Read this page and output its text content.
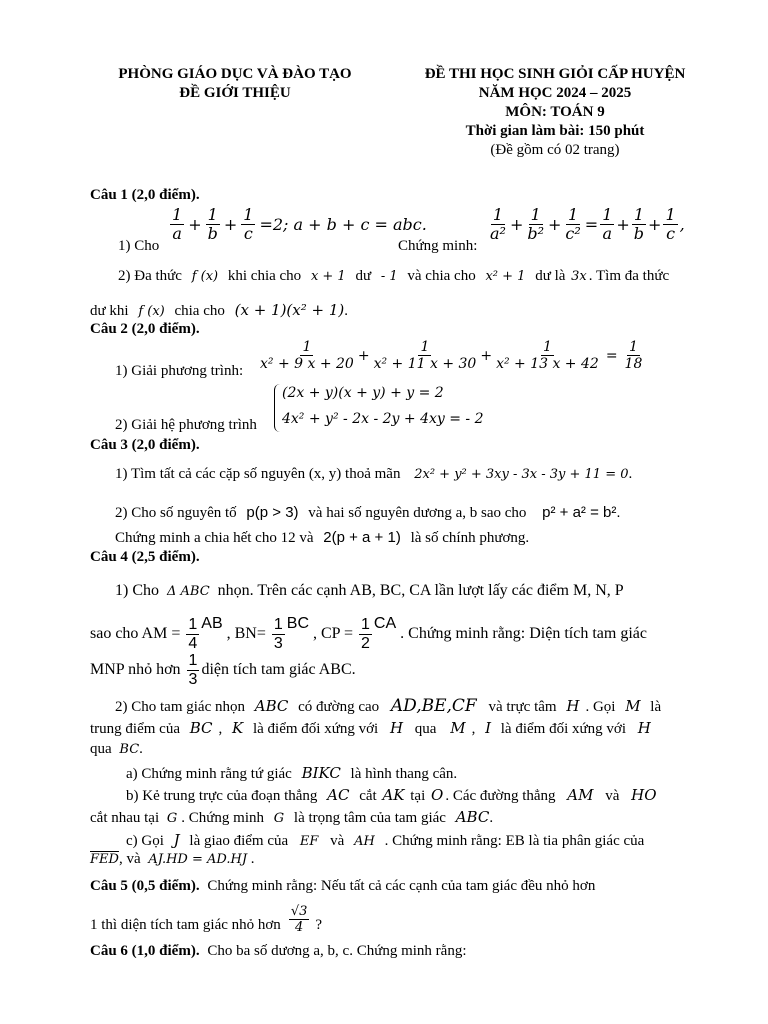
PHÒNG GIÁO DỤC VÀ ĐÀO TẠO
ĐỀ GIỚI THIỆU
ĐỀ THI HỌC SINH GIỎI CẤP HUYỆN
NĂM HỌC 2024 – 2025
MÔN: TOÁN 9
Thời gian làm bài: 150 phút
(Đề gồm có 02 trang)
Câu 1 (2,0 điểm).
1) Cho
$\frac{1}{a} + \frac{1}{b} + \frac{1}{c} =2$; a + b + c = abc.
Chứng minh:
$\frac{1}{\text{a²}} + \frac{1}{\text{b²}} + \frac{1}{\text{c²}} = \frac{1}{a} + \frac{1}{b} + \frac{1}{c}$ ,
2) Đa thức f (x) khi chia cho x + 1 dư - 1 và chia cho x² + 1 dư là 3x . Tìm đa thức
dư khi f (x) chia cho (x + 1)(x² + 1).
Câu 2 (2,0 điểm).
1) Giải phương trình: $\frac{1}{\text{x² + 9 x + 20}} + \frac{1}{\text{x² + 11 x + 30}} + \frac{1}{\text{x² + 13 x + 42}} = \frac{1}{18}$
2) Giải hệ phương trình
(2x + y)(x + y) + y = 2
4x² + y² - 2x - 2y + 4xy = - 2
Câu 3 (2,0 điểm).
1) Tìm tất cả các cặp số nguyên (x, y) thoả mãn 2x² + y² + 3xy - 3x - 3y + 11 = 0.
2) Cho số nguyên tố p(p > 3) và hai số nguyên dương a, b sao cho p² + a² = b².
Chứng minh a chia hết cho 12 và 2(p + a + 1) là số chính phương.
Câu 4 (2,5 điểm).
1) Cho Δ ABC nhọn. Trên các cạnh AB, BC, CA lần lượt lấy các điểm M, N, P
sao cho AM = $\frac{1}{4}$ AB
, $BN= \frac{1}{3}$ BC
, CP = $\frac{1}{2}$ CA
. Chứng minh rằng: Diện tích tam giác
MNP nhỏ hơn $\frac{1}{3}$ diện tích tam giác ABC.
2) Cho tam giác nhọn ABC có đường cao AD,BE,CF và trực tâm H . Gọi M là
trung điểm của BC , K là điểm đối xứng với H qua M , I là điểm đối xứng với H
qua BC.
a) Chứng minh rằng tứ giác BIKC là hình thang cân.
b) Kẻ trung trực của đoạn thẳng AC cắt AK tại O . Các đường thẳng AM và HO
cắt nhau tại G . Chứng minh G là trọng tâm của tam giác ABC.
c) Gọi J là giao điểm của EF và AH . Chứng minh rằng: EB là tia phân giác của
$\overline{FED}$, và AJ.HD = AD.HJ .
Câu 5 (0,5 điểm). Chứng minh rằng: Nếu tất cả các cạnh của tam giác đều nhỏ hơn
1 thì diện tích tam giác nhỏ hơn $\frac{√3}{4}$ ?
Câu 6 (1,0 điểm). Cho ba số dương a, b, c. Chứng minh rằng:
